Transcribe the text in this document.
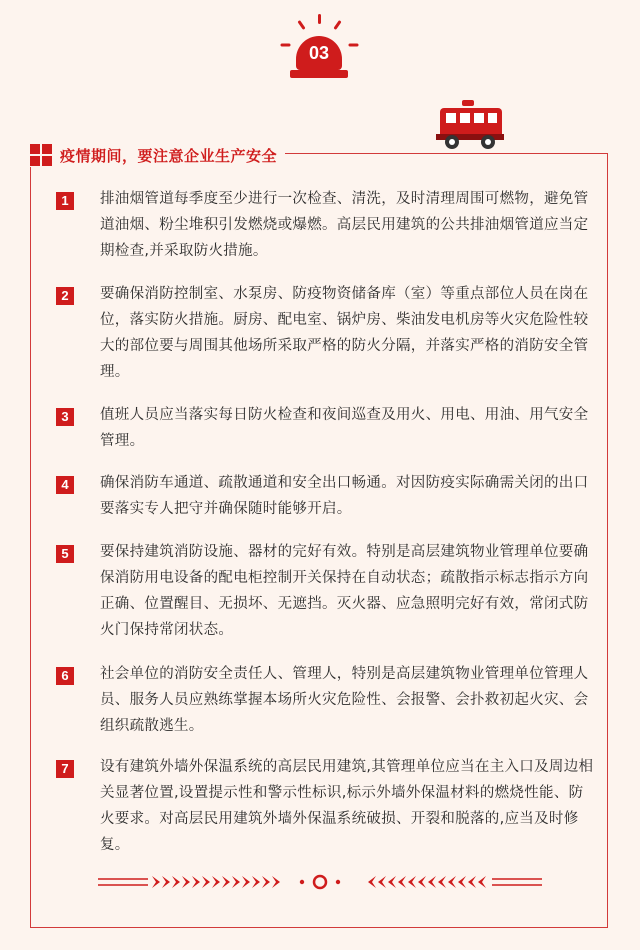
03
疫情期间，要注意企业生产安全
1	排油烟管道每季度至少进行一次检查、清洗，及时清理周围可燃物，避免管道油烟、粉尘堆积引发燃烧或爆燃。高层民用建筑的公共排油烟管道应当定期检查,并采取防火措施。
2	要确保消防控制室、水泵房、防疫物资储备库（室）等重点部位人员在岗在位，落实防火措施。厨房、配电室、锅炉房、柴油发电机房等火灾危险性较大的部位要与周围其他场所采取严格的防火分隔，并落实严格的消防安全管理。
3	值班人员应当落实每日防火检查和夜间巡查及用火、用电、用油、用气安全管理。
4	确保消防车通道、疏散通道和安全出口畅通。对因防疫实际确需关闭的出口要落实专人把守并确保随时能够开启。
5	要保持建筑消防设施、器材的完好有效。特别是高层建筑物业管理单位要确保消防用电设备的配电柜控制开关保持在自动状态；疏散指示标志指示方向正确、位置醒目、无损坏、无遮挡。灭火器、应急照明完好有效，常闭式防火门保持常闭状态。
6	社会单位的消防安全责任人、管理人，特别是高层建筑物业管理单位管理人员、服务人员应熟练掌握本场所火灾危险性、会报警、会扑救初起火灾、会组织疏散逃生。
7	设有建筑外墙外保温系统的高层民用建筑,其管理单位应当在主入口及周边相关显著位置,设置提示性和警示性标识,标示外墙外保温材料的燃烧性能、防火要求。对高层民用建筑外墙外保温系统破损、开裂和脱落的,应当及时修复。
